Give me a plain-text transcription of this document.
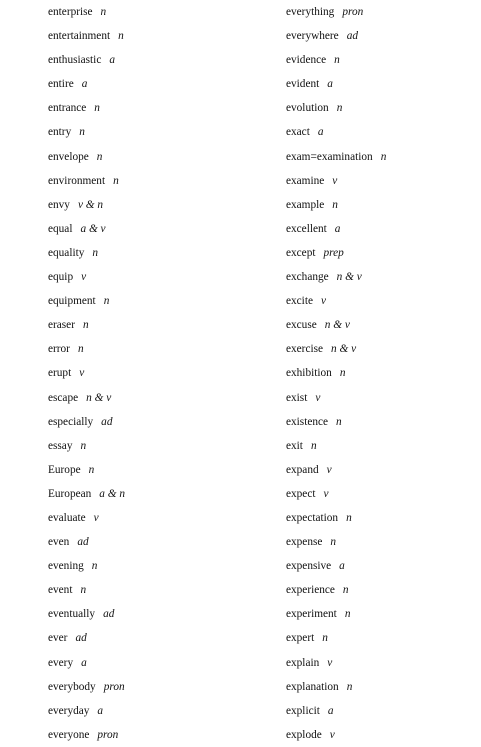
enterprise n
entertainment n
enthusiastic a
entire a
entrance n
entry n
envelope n
environment n
envy v & n
equal a & v
equality n
equip v
equipment n
eraser n
error n
erupt v
escape n & v
especially ad
essay n
Europe n
European a & n
evaluate v
even ad
evening n
event n
eventually ad
ever ad
every a
everybody pron
everyday a
everyone pron
everything pron
everywhere ad
evidence n
evident a
evolution n
exact a
exam=examination n
examine v
example n
excellent a
except prep
exchange n & v
excite v
excuse n & v
exercise n & v
exhibition n
exist v
existence n
exit n
expand v
expect v
expectation n
expense n
expensive a
experience n
experiment n
expert n
explain v
explanation n
explicit a
explode v
